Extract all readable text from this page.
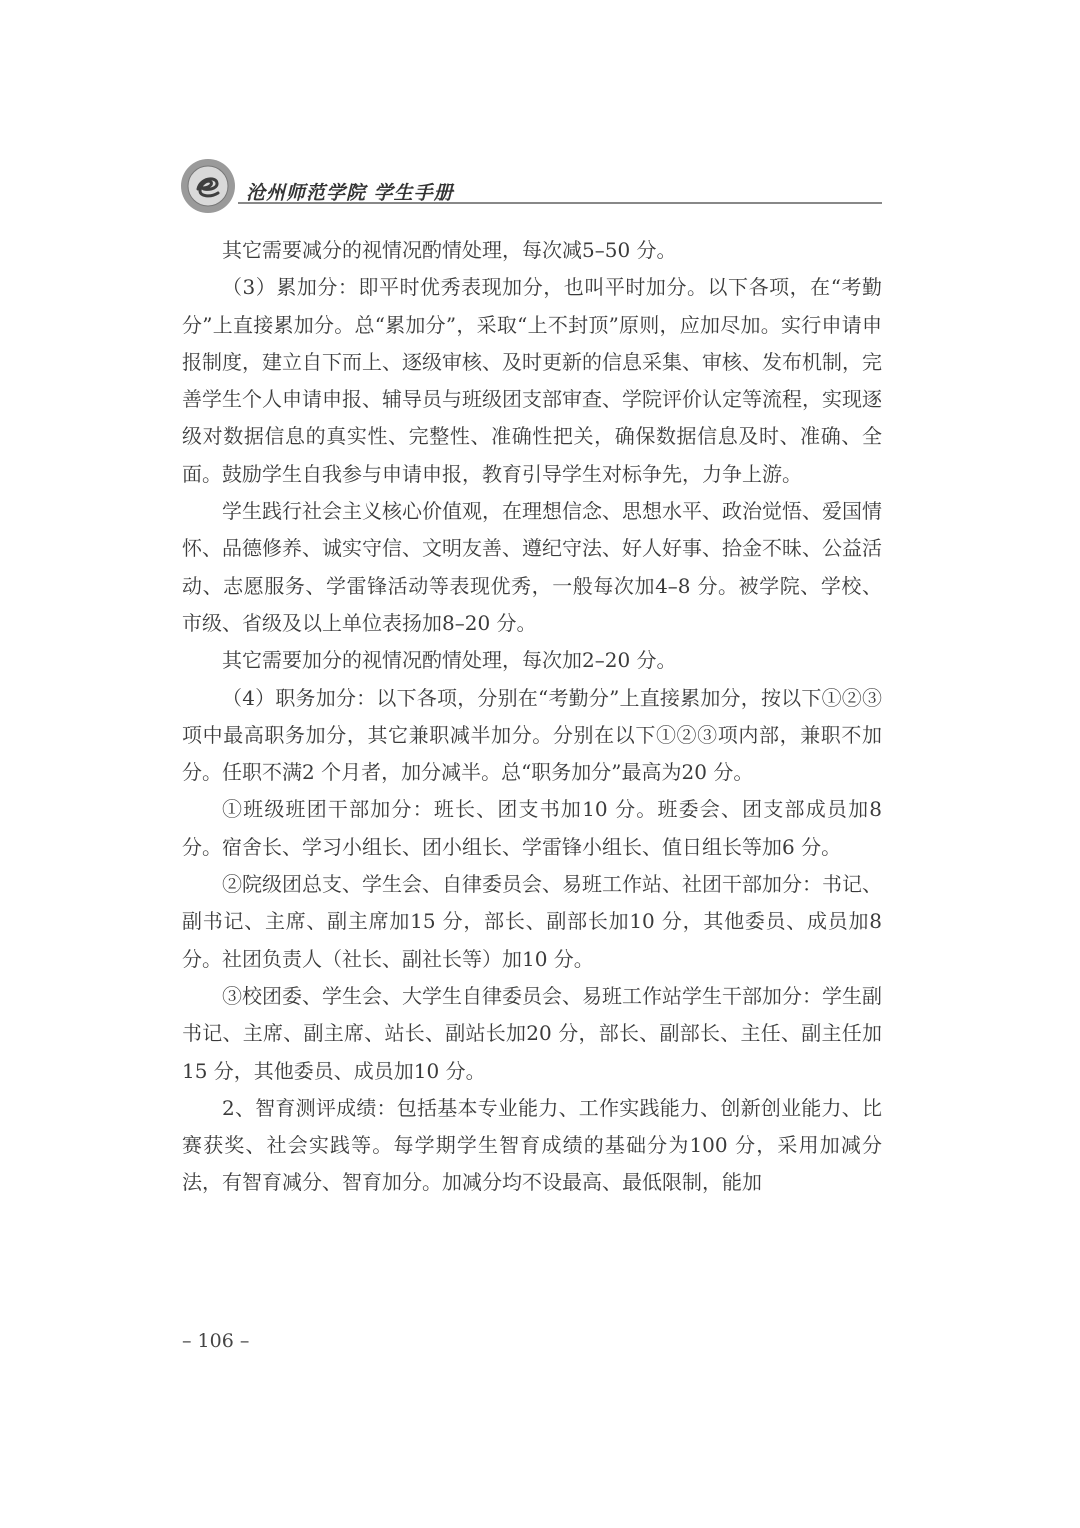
沧州师范学院 学生手册

其它需要减分的视情况酌情处理，每次减5–50 分。

（3）累加分：即平时优秀表现加分，也叫平时加分。以下各项，在“考勤分”上直接累加分。总“累加分”，采取“上不封顶”原则，应加尽加。实行申请申报制度，建立自下而上、逐级审核、及时更新的信息采集、审核、发布机制，完善学生个人申请申报、辅导员与班级团支部审查、学院评价认定等流程，实现逐级对数据信息的真实性、完整性、准确性把关，确保数据信息及时、准确、全面。鼓励学生自我参与申请申报，教育引导学生对标争先，力争上游。

学生践行社会主义核心价值观，在理想信念、思想水平、政治觉悟、爱国情怀、品德修养、诚实守信、文明友善、遵纪守法、好人好事、拾金不昧、公益活动、志愿服务、学雷锋活动等表现优秀，一般每次加4–8 分。被学院、学校、市级、省级及以上单位表扬加8–20 分。

其它需要加分的视情况酌情处理，每次加2–20 分。

（4）职务加分：以下各项，分别在“考勤分”上直接累加分，按以下①②③项中最高职务加分，其它兼职减半加分。分别在以下①②③项内部，兼职不加分。任职不满2 个月者，加分减半。总“职务加分”最高为20 分。

①班级班团干部加分：班长、团支书加10 分。班委会、团支部成员加8 分。宿舍长、学习小组长、团小组长、学雷锋小组长、值日组长等加6 分。

②院级团总支、学生会、自律委员会、易班工作站、社团干部加分：书记、副书记、主席、副主席加15 分，部长、副部长加10 分，其他委员、成员加8 分。社团负责人（社长、副社长等）加10 分。

③校团委、学生会、大学生自律委员会、易班工作站学生干部加分：学生副书记、主席、副主席、站长、副站长加20 分，部长、副部长、主任、副主任加15 分，其他委员、成员加10 分。

2、智育测评成绩：包括基本专业能力、工作实践能力、创新创业能力、比赛获奖、社会实践等。每学期学生智育成绩的基础分为100 分，采用加减分法，有智育减分、智育加分。加减分均不设最高、最低限制，能加

– 106 –
